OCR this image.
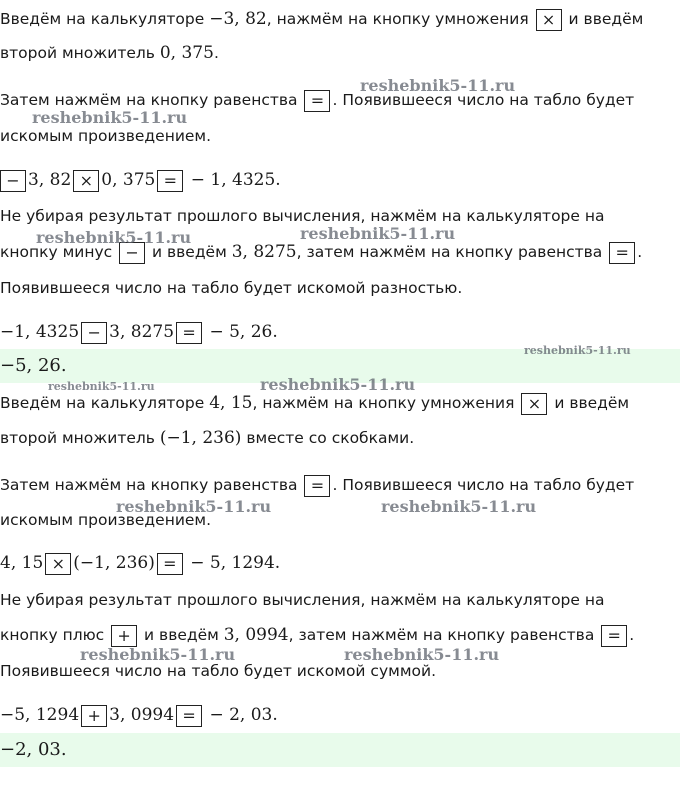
Введём на калькуляторе −3, 82, нажмём на кнопку умножения × и введём
второй множитель 0, 375.
Затем нажмём на кнопку равенства = . Появившееся число на табло будет
искомым произведением.
− 3, 82 × 0, 375 = − 1, 4325.
Не убирая результат прошлого вычисления, нажмём на калькуляторе на
кнопку минус − и введём 3, 8275, затем нажмём на кнопку равенства = .
Появившееся число на табло будет искомой разностью.
−1, 4325 − 3, 8275 = − 5, 26.
−5, 26.
Введём на калькуляторе 4, 15, нажмём на кнопку умножения × и введём
второй множитель (−1, 236) вместе со скобками.
Затем нажмём на кнопку равенства = . Появившееся число на табло будет
искомым произведением.
4, 15 × (−1, 236) = − 5, 1294.
Не убирая результат прошлого вычисления, нажмём на калькуляторе на
кнопку плюс + и введём 3, 0994, затем нажмём на кнопку равенства = .
Появившееся число на табло будет искомой суммой.
−5, 1294 + 3, 0994 = − 2, 03.
−2, 03.
reshebnik5-11.ru
reshebnik5-11.ru
reshebnik5-11.ru	reshebnik5-11.ru
reshebnik5-11.ru
reshebnik5-11.ru	reshebnik5-11.ru
reshebnik5-11.ru	reshebnik5-11.ru
reshebnik5-11.ru	reshebnik5-11.ru
